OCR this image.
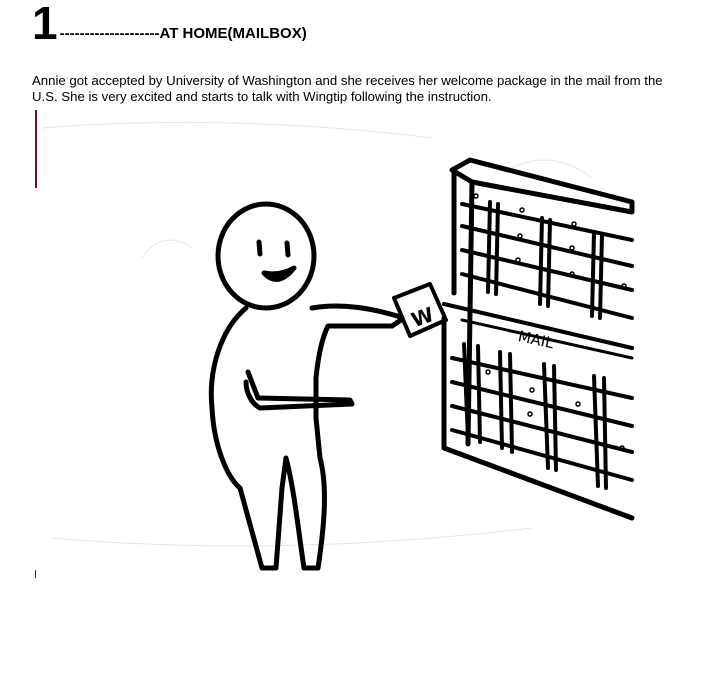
1 --------------------AT HOME(MAILBOX)
Annie got accepted by University of Washington and she receives her welcome package in the mail from the U.S. She is very excited and starts to talk with Wingtip following the instruction.
W
MAIL
